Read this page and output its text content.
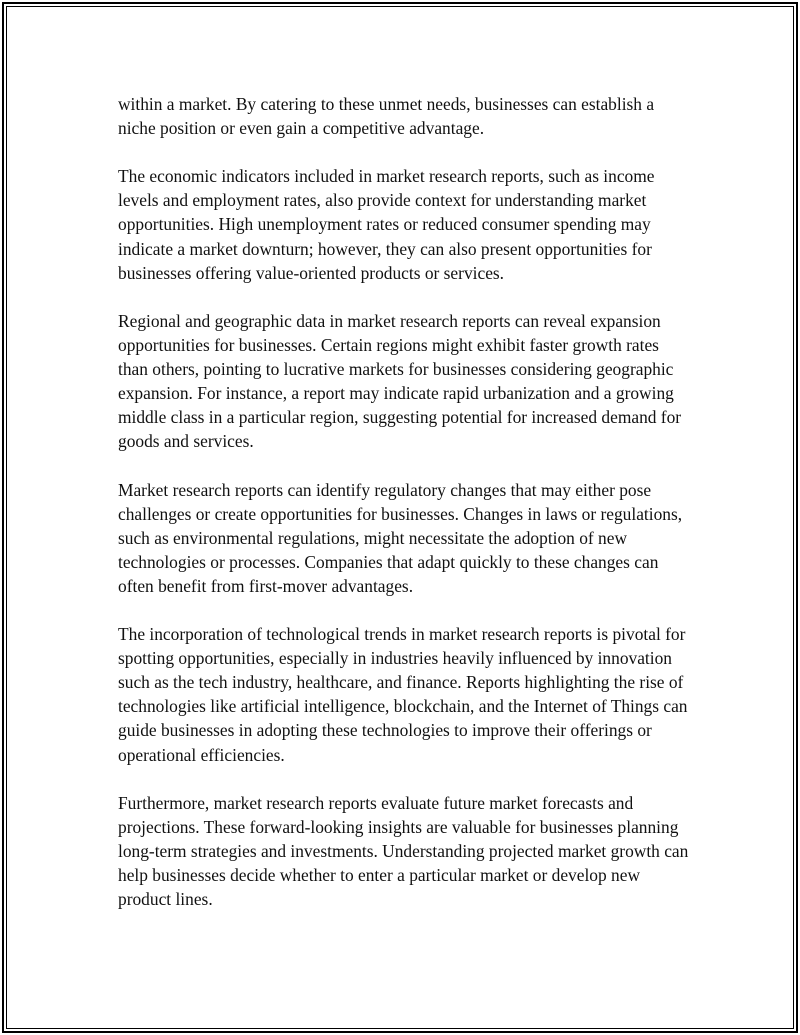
within a market. By catering to these unmet needs, businesses can establish a niche position or even gain a competitive advantage.

The economic indicators included in market research reports, such as income levels and employment rates, also provide context for understanding market opportunities. High unemployment rates or reduced consumer spending may indicate a market downturn; however, they can also present opportunities for businesses offering value-oriented products or services.

Regional and geographic data in market research reports can reveal expansion opportunities for businesses. Certain regions might exhibit faster growth rates than others, pointing to lucrative markets for businesses considering geographic expansion. For instance, a report may indicate rapid urbanization and a growing middle class in a particular region, suggesting potential for increased demand for goods and services.

Market research reports can identify regulatory changes that may either pose challenges or create opportunities for businesses. Changes in laws or regulations, such as environmental regulations, might necessitate the adoption of new technologies or processes. Companies that adapt quickly to these changes can often benefit from first-mover advantages.

The incorporation of technological trends in market research reports is pivotal for spotting opportunities, especially in industries heavily influenced by innovation such as the tech industry, healthcare, and finance. Reports highlighting the rise of technologies like artificial intelligence, blockchain, and the Internet of Things can guide businesses in adopting these technologies to improve their offerings or operational efficiencies.

Furthermore, market research reports evaluate future market forecasts and projections. These forward-looking insights are valuable for businesses planning long-term strategies and investments. Understanding projected market growth can help businesses decide whether to enter a particular market or develop new product lines.
